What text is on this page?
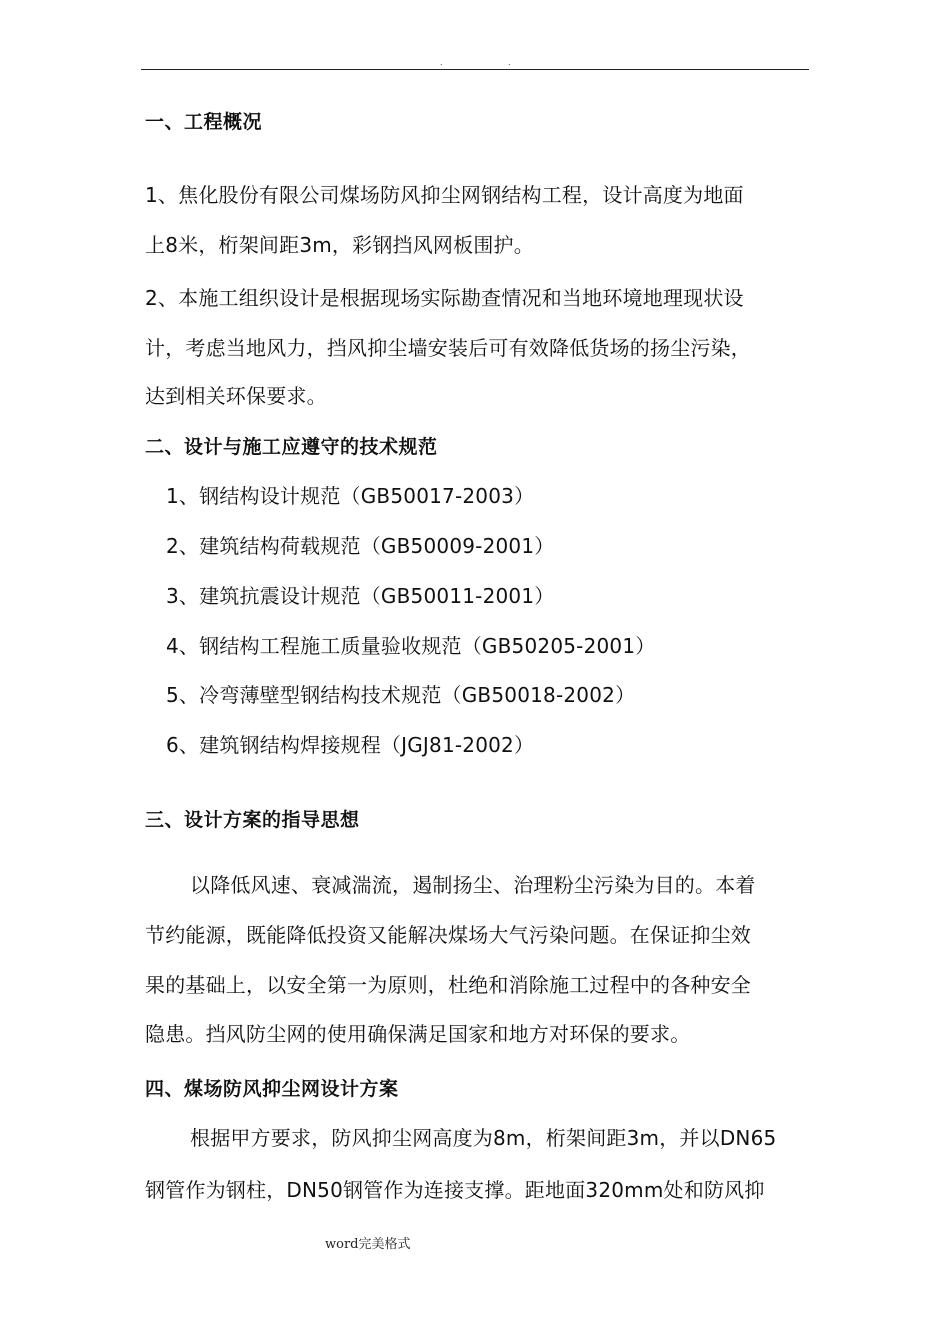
.	.
一、工程概况
1、焦化股份有限公司煤场防风抑尘网钢结构工程，设计高度为地面
上8米，桁架间距3m，彩钢挡风网板围护。
2、本施工组织设计是根据现场实际勘查情况和当地环境地理现状设
计，考虑当地风力，挡风抑尘墙安装后可有效降低货场的扬尘污染，
达到相关环保要求。
二、设计与施工应遵守的技术规范
1、钢结构设计规范（GB50017-2003）
2、建筑结构荷载规范（GB50009-2001）
3、建筑抗震设计规范（GB50011-2001）
4、钢结构工程施工质量验收规范（GB50205-2001）
5、冷弯薄壁型钢结构技术规范（GB50018-2002）
6、建筑钢结构焊接规程（JGJ81-2002）
三、设计方案的指导思想
以降低风速、衰减湍流，遏制扬尘、治理粉尘污染为目的。本着
节约能源，既能降低投资又能解决煤场大气污染问题。在保证抑尘效
果的基础上，以安全第一为原则，杜绝和消除施工过程中的各种安全
隐患。挡风防尘网的使用确保满足国家和地方对环保的要求。
四、煤场防风抑尘网设计方案
根据甲方要求，防风抑尘网高度为8m，桁架间距3m，并以DN65
钢管作为钢柱，DN50钢管作为连接支撑。距地面320mm处和防风抑
word完美格式
